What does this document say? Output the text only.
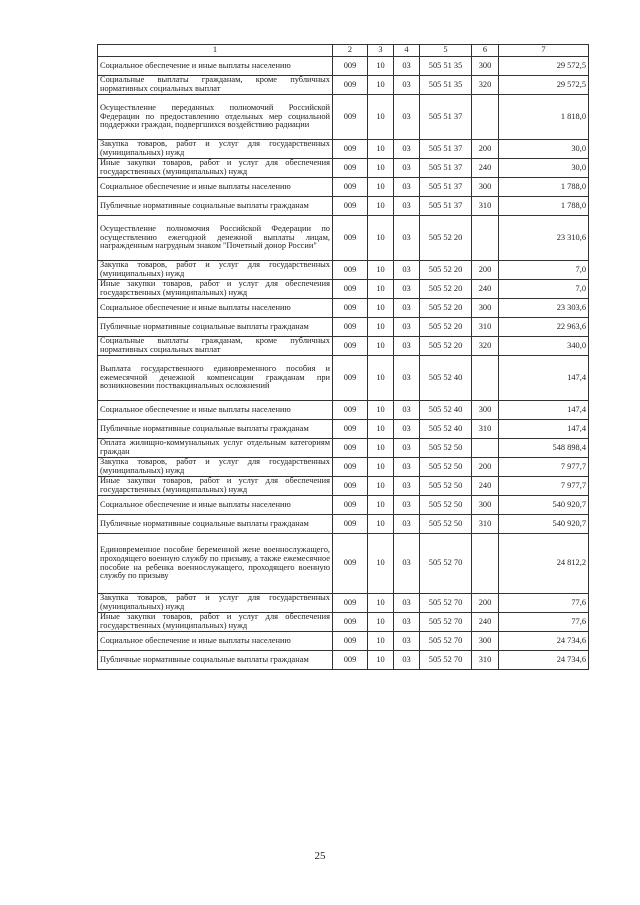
1	2	3	4	5	6	7
Социальное обеспечение и иные выплаты населению	009	10	03	505 51 35	300	29 572,5
Социальные выплаты гражданам, кроме публичных нормативных социальных выплат	009	10	03	505 51 35	320	29 572,5
Осуществление переданных полномочий Российской Федерации по предоставлению отдельных мер социальной поддержки граждан, подвергшихся воздействию радиации	009	10	03	505 51 37		1 818,0
Закупка товаров, работ и услуг для государственных (муниципальных) нужд	009	10	03	505 51 37	200	30,0
Иные закупки товаров, работ и услуг для обеспечения государственных (муниципальных) нужд	009	10	03	505 51 37	240	30,0
Социальное обеспечение и иные выплаты населению	009	10	03	505 51 37	300	1 788,0
Публичные нормативные социальные выплаты гражданам	009	10	03	505 51 37	310	1 788,0
Осуществление полномочия Российской Федерации по осуществлению ежегодной денежной выплаты лицам, награжденным нагрудным знаком "Почетный донор России"	009	10	03	505 52 20		23 310,6
Закупка товаров, работ и услуг для государственных (муниципальных) нужд	009	10	03	505 52 20	200	7,0
Иные закупки товаров, работ и услуг для обеспечения государственных (муниципальных) нужд	009	10	03	505 52 20	240	7,0
Социальное обеспечение и иные выплаты населению	009	10	03	505 52 20	300	23 303,6
Публичные нормативные социальные выплаты гражданам	009	10	03	505 52 20	310	22 963,6
Социальные выплаты гражданам, кроме публичных нормативных социальных выплат	009	10	03	505 52 20	320	340,0
Выплата государственного единовременного пособия и ежемесячной денежной компенсации гражданам при возникновении поствакцинальных осложнений	009	10	03	505 52 40		147,4
Социальное обеспечение и иные выплаты населению	009	10	03	505 52 40	300	147,4
Публичные нормативные социальные выплаты гражданам	009	10	03	505 52 40	310	147,4
Оплата жилищно-коммунальных услуг отдельным категориям граждан	009	10	03	505 52 50		548 898,4
Закупка товаров, работ и услуг для государственных (муниципальных) нужд	009	10	03	505 52 50	200	7 977,7
Иные закупки товаров, работ и услуг для обеспечения государственных (муниципальных) нужд	009	10	03	505 52 50	240	7 977,7
Социальное обеспечение и иные выплаты населению	009	10	03	505 52 50	300	540 920,7
Публичные нормативные социальные выплаты гражданам	009	10	03	505 52 50	310	540 920,7
Единовременное пособие беременной жене военнослужащего, проходящего военную службу по призыву, а также ежемесячное пособие на ребенка военнослужащего, проходящего военную службу по призыву	009	10	03	505 52 70		24 812,2
Закупка товаров, работ и услуг для государственных (муниципальных) нужд	009	10	03	505 52 70	200	77,6
Иные закупки товаров, работ и услуг для обеспечения государственных (муниципальных) нужд	009	10	03	505 52 70	240	77,6
Социальное обеспечение и иные выплаты населению	009	10	03	505 52 70	300	24 734,6
Публичные нормативные социальные выплаты гражданам	009	10	03	505 52 70	310	24 734,6
25
